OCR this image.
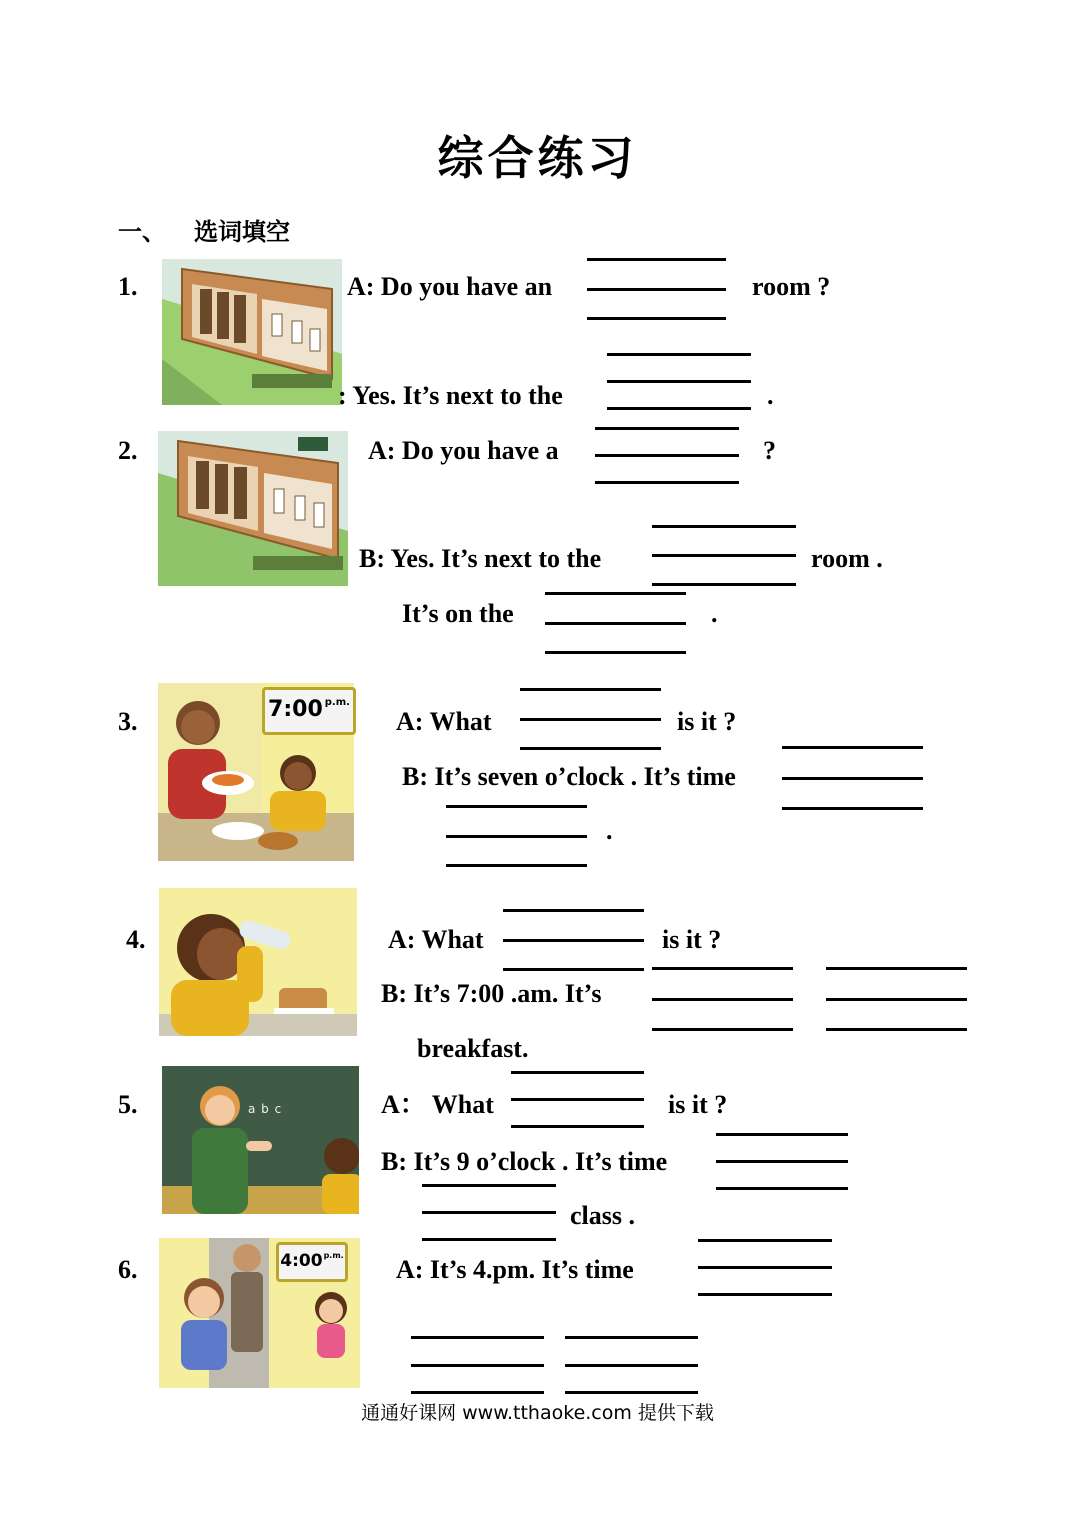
综合练习
一、 选词填空
1.	A: Do you have an	room ?
: Yes. It’s next to the	.
2.	A: Do you have a	?
B: Yes. It’s next to the	room .
It’s on the	.
3.	7:00 $^{p.m.}$
A: What	is it ?
B: It’s seven o’clock . It’s time
.
4.	A: What	is it ?
B: It’s 7:00 .am. It’s
breakfast.
5.	a b c	A： What	is it ?
B: It’s 9 o’clock . It’s time
class .
6.	$4:00^{p.m.}$ A: It’s 4.pm. It’s time
通通好课网 www.tthaoke.com 提供下载
